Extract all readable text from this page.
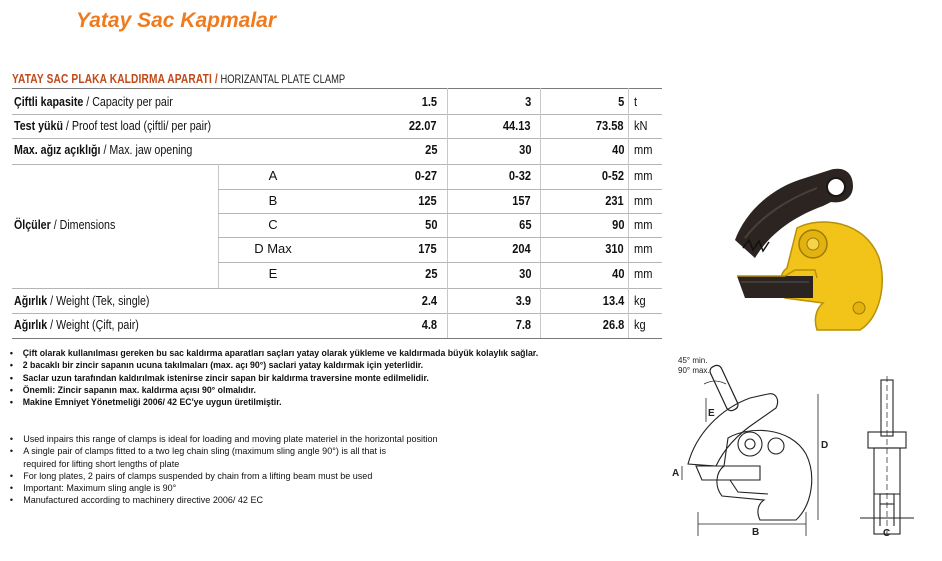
Yatay Sac Kapmalar
YATAY SAC PLAKA KALDIRMA APARATI / HORIZANTAL PLATE CLAMP
Çiftli kapasite / Capacity per pair	1.5	3	5 t
Test yükü / Proof test load (çiftli/ per pair)	22.07	44.13	73.58 kN
Max. ağız açıklığı / Max. jaw opening	25	30	40 mm
A	0-27	0-32	0-52 mm
B	125	157	231 mm
Ölçüler / Dimensions	C	50	65	90 mm
D Max	175	204	310 mm
E	25	30	40 mm
Ağırlık / Weight (Tek, single)	2.4	3.9	13.4 kg
Ağırlık / Weight (Çift, pair)	4.8	7.8	26.8 kg
• Çift olarak kullanılması gereken bu sac kaldırma aparatları saçları yatay olarak yükleme ve kaldırmada büyük kolaylık sağlar.
• 2 bacaklı bir zincir sapanın ucuna takılmaları (max. açı 90°) saclari yatay kaldırmak için yeterlidir.
• Saclar uzun tarafından kaldırılmak istenirse zincir sapan bir kaldırma traversine monte edilmelidir.
• Önemli: Zincir sapanın max. kaldırma açısı 90° olmalıdır.
• Makine Emniyet Yönetmeliği 2006/ 42 EC'ye uygun üretilmiştir.
• Used inpairs this range of clamps is ideal for loading and moving plate materiel in the horizontal position
• A single pair of clamps fitted to a two leg chain sling (maximum sling angle 90°) is all that is
required for lifting short lengths of plate
• For long plates, 2 pairs of clamps suspended by chain from a lifting beam must be used
• Important: Maximum sling angle is 90°
• Manufactured according to machinery directive 2006/ 42 EC
45° min.
90° max.
A
B
D
E
C
